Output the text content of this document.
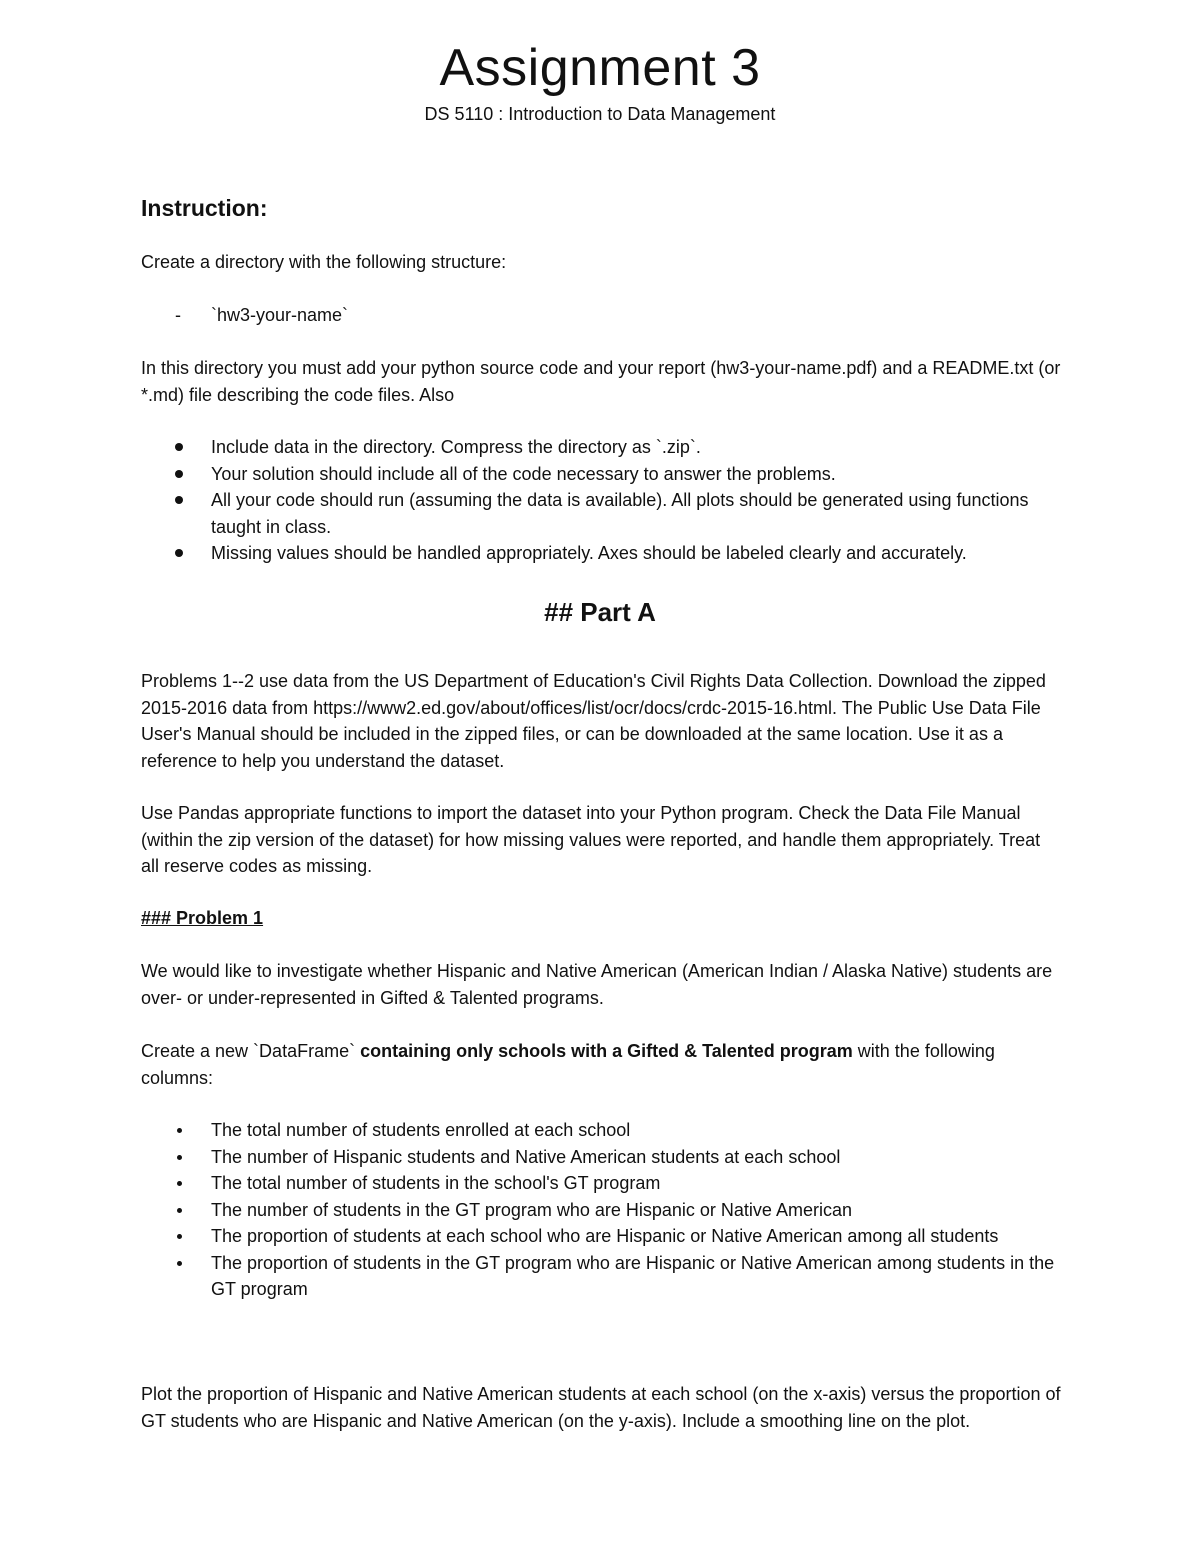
Assignment 3
DS 5110 : Introduction to Data Management
Instruction:
Create a directory with the following structure:
- `hw3-your-name`
In this directory you must add your python source code and your report (hw3-your-name.pdf) and a README.txt (or *.md) file describing the code files. Also
Include data in the directory. Compress the directory as `.zip`.
Your solution should include all of the code necessary to answer the problems.
All your code should run (assuming the data is available). All plots should be generated using functions taught in class.
Missing values should be handled appropriately. Axes should be labeled clearly and accurately.
## Part A
Problems 1--2 use data from the US Department of Education's Civil Rights Data Collection. Download the zipped 2015-2016 data from https://www2.ed.gov/about/offices/list/ocr/docs/crdc-2015-16.html. The Public Use Data File User's Manual should be included in the zipped files, or can be downloaded at the same location. Use it as a reference to help you understand the dataset.
Use Pandas appropriate functions to import the dataset into your Python program. Check the Data File Manual (within the zip version of the dataset) for how missing values were reported, and handle them appropriately. Treat all reserve codes as missing.
### Problem 1
We would like to investigate whether Hispanic and Native American (American Indian / Alaska Native) students are over- or under-represented in Gifted & Talented programs.
Create a new `DataFrame` containing only schools with a Gifted & Talented program with the following columns:
The total number of students enrolled at each school
The number of Hispanic students and Native American students at each school
The total number of students in the school's GT program
The number of students in the GT program who are Hispanic or Native American
The proportion of students at each school who are Hispanic or Native American among all students
The proportion of students in the GT program who are Hispanic or Native American among students in the GT program
Plot the proportion of Hispanic and Native American students at each school (on the x-axis) versus the proportion of GT students who are Hispanic and Native American (on the y-axis). Include a smoothing line on the plot.
